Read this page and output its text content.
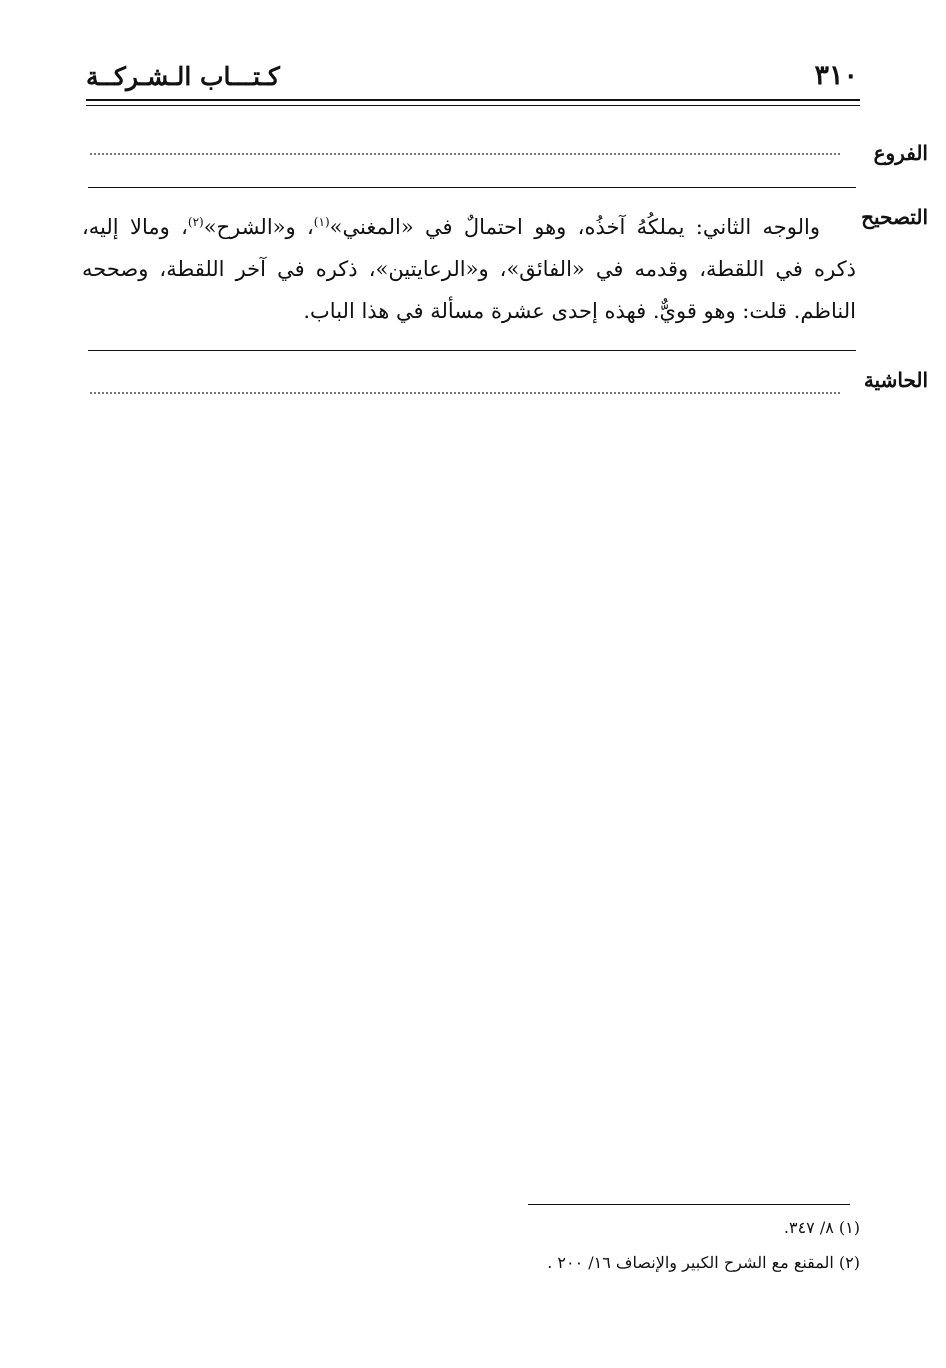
٣١٠
كـتـــاب الـشـركــة
الفروع
التصحيح
والوجه الثاني: يملكُهُ آخذُه، وهو احتمالٌ في «المغني»$^{(١)}$، و«الشرح»$^{(٢)}$، ومالا إليه، ذكره في اللقطة، وقدمه في «الفائق»، و«الرعايتين»، ذكره في آخر اللقطة، وصححه الناظم. قلت: وهو قويٌّ. فهذه إحدى عشرة مسألة في هذا الباب.
الحاشية
(١) ٨/ ٣٤٧.
(٢) المقنع مع الشرح الكبير والإنصاف ١٦/ ٢٠٠ .
